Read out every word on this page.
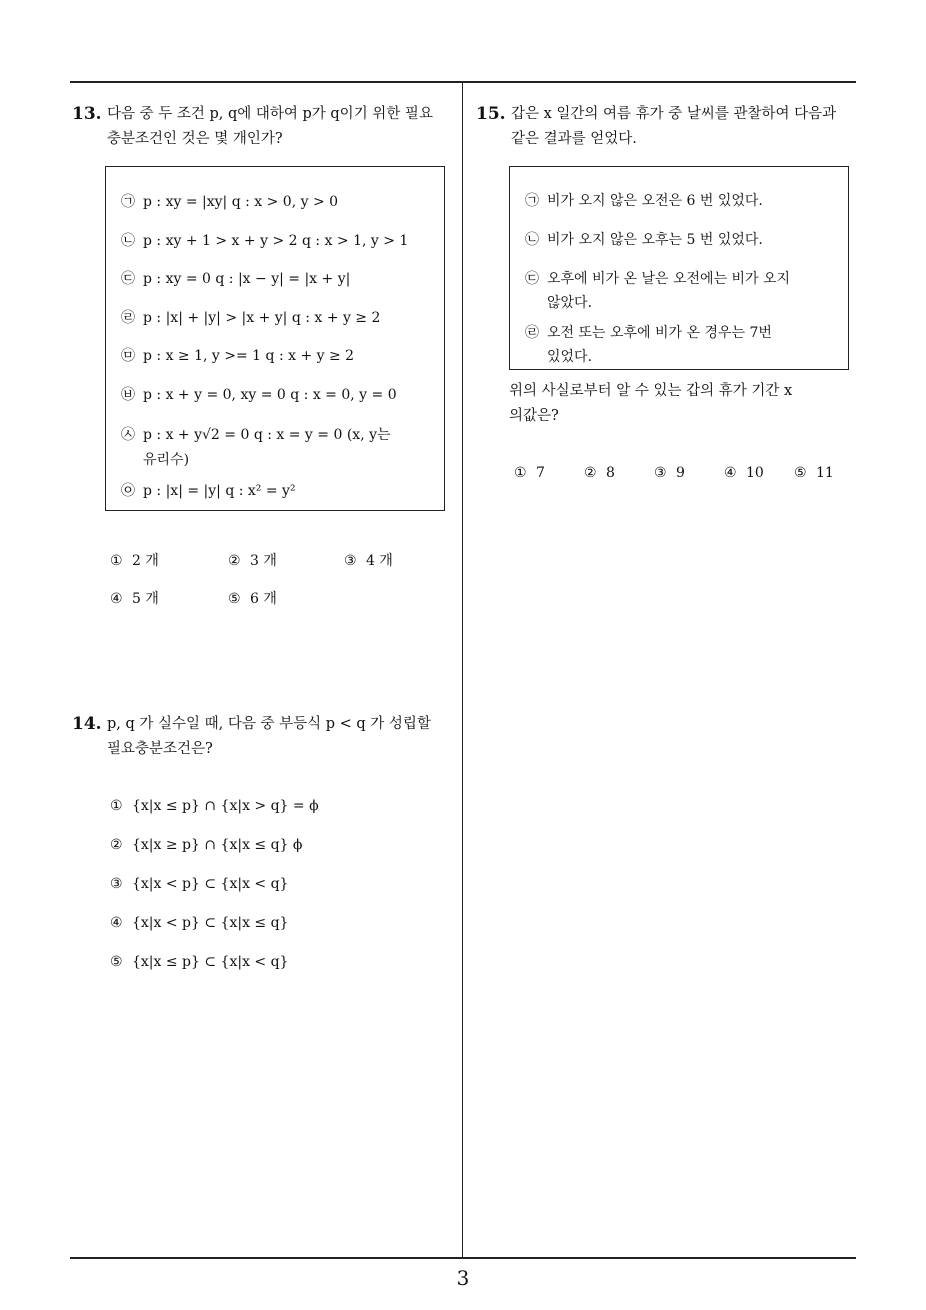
13. 다음 중 두 조건 p, q에 대하여 p가 q이기 위한 필요
충분조건인 것은 몇 개인가?
㉠ p : xy = |xy| q : x > 0, y > 0
㉡ p : xy + 1 > x + y > 2 q : x > 1, y > 1
㉢ p : xy = 0 q : |x − y| = |x + y|
㉣ p : |x| + |y| > |x + y| q : x + y ≥ 2
㉤ p : x ≥ 1, y >= 1 q : x + y ≥ 2
㉥ p : x + y = 0, xy = 0 q : x = 0, y = 0
㉦ p : x + y√2 = 0 q : x = y = 0 (x, y는
유리수)
㉧ p : |x| = |y| q : x² = y²
① 2 개	② 3 개	③ 4 개
④ 5 개	⑤ 6 개
14. p, q 가 실수일 때, 다음 중 부등식 p < q 가 성립할
필요충분조건은?
① {x|x ≤ p} ∩ {x|x > q} = ϕ
② {x|x ≥ p} ∩ {x|x ≤ q} ϕ
③ {x|x < p} ⊂ {x|x < q}
④ {x|x < p} ⊂ {x|x ≤ q}
⑤ {x|x ≤ p} ⊂ {x|x < q}
15. 갑은 x 일간의 여름 휴가 중 날씨를 관찰하여 다음과
같은 결과를 얻었다.
㉠ 비가 오지 않은 오전은 6 번 있었다.
㉡ 비가 오지 않은 오후는 5 번 있었다.
㉢ 오후에 비가 온 날은 오전에는 비가 오지
않았다.
㉣ 오전 또는 오후에 비가 온 경우는 7번
있었다.
위의 사실로부터 알 수 있는 갑의 휴가 기간 x
의값은?
① 7	② 8	③ 9	④ 10 ⑤ 11
3
